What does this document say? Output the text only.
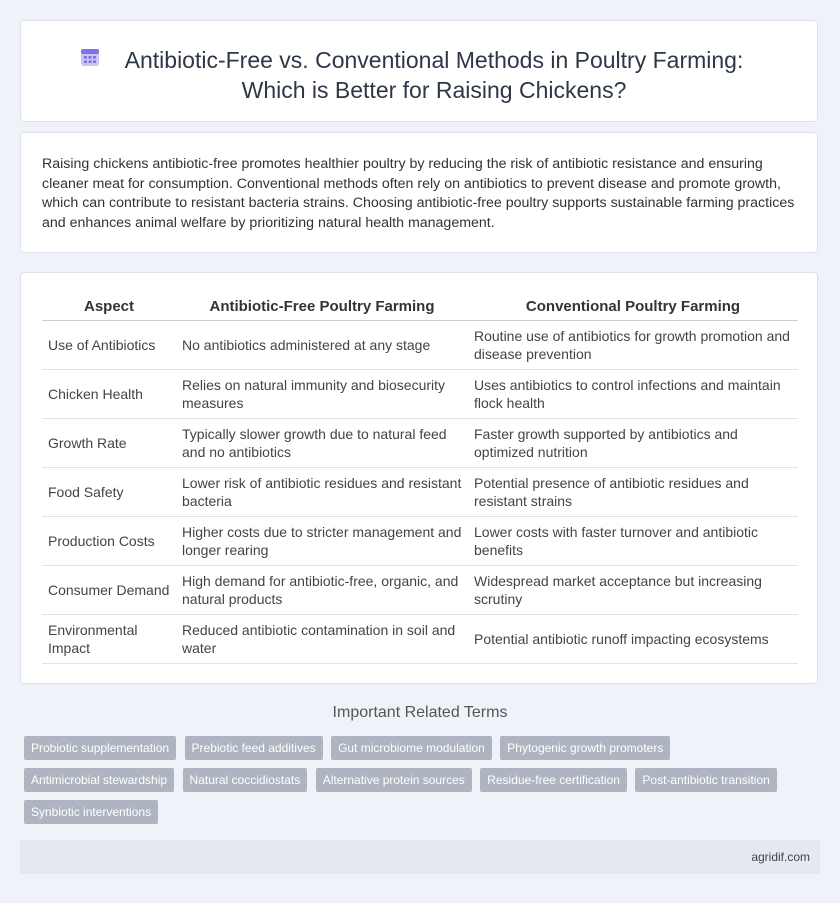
Antibiotic-Free vs. Conventional Methods in Poultry Farming: Which is Better for Raising Chickens?

Raising chickens antibiotic-free promotes healthier poultry by reducing the risk of antibiotic resistance and ensuring cleaner meat for consumption. Conventional methods often rely on antibiotics to prevent disease and promote growth, which can contribute to resistant bacteria strains. Choosing antibiotic-free poultry supports sustainable farming practices and enhances animal welfare by prioritizing natural health management.

Aspect	Antibiotic-Free Poultry Farming	Conventional Poultry Farming
Use of Antibiotics	No antibiotics administered at any stage	Routine use of antibiotics for growth promotion and disease prevention
Chicken Health	Relies on natural immunity and biosecurity measures	Uses antibiotics to control infections and maintain flock health
Growth Rate	Typically slower growth due to natural feed and no antibiotics	Faster growth supported by antibiotics and optimized nutrition
Food Safety	Lower risk of antibiotic residues and resistant bacteria	Potential presence of antibiotic residues and resistant strains
Production Costs	Higher costs due to stricter management and longer rearing	Lower costs with faster turnover and antibiotic benefits
Consumer Demand	High demand for antibiotic-free, organic, and natural products	Widespread market acceptance but increasing scrutiny
Environmental Impact	Reduced antibiotic contamination in soil and water	Potential antibiotic runoff impacting ecosystems
Important Related Terms
Probiotic supplementation Prebiotic feed additives Gut microbiome modulation Phytogenic growth promoters Antimicrobial stewardship Natural coccidiostats Alternative protein sources Residue-free certification Post-antibiotic transition Synbiotic interventions
agridif.com
